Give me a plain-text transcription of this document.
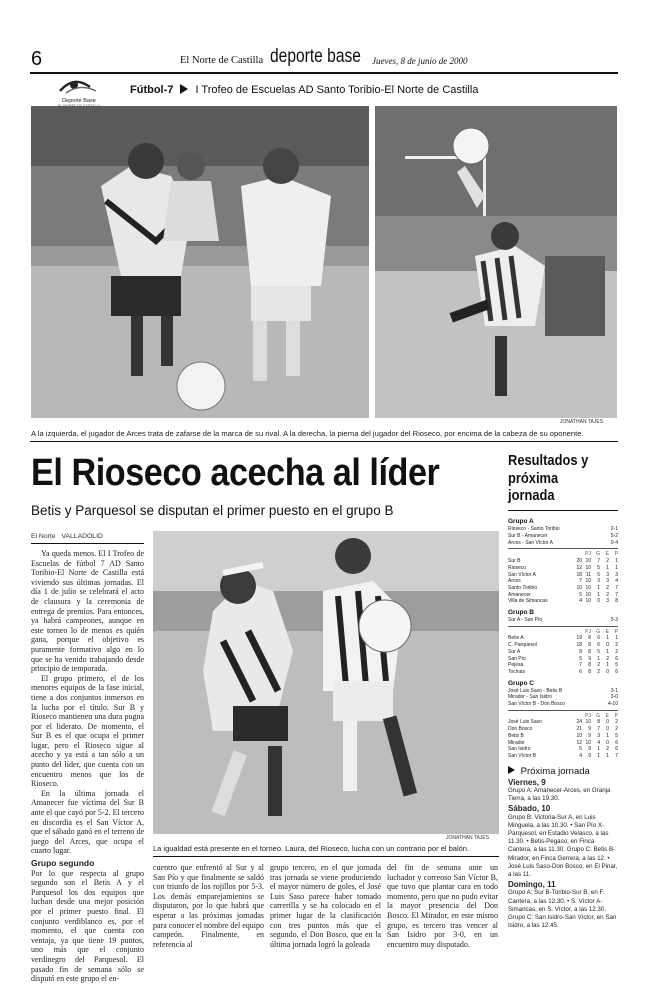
6	El Norte de Castilla deporte base Jueves, 8 de junio de 2000
Deporte Base
Fútbol-7 I Trofeo de Escuelas AD Santo Toribio-El Norte de Castilla
JONATHAN TAJES
A la izquierda, el jugador de Arces trata de zafarse de la marca de su rival. A la derecha, la pierna del jugador del Rioseco, por encima de la cabeza de su oponente.
El Rioseco acecha al líder
Betis y Parquesol se disputan el primer puesto en el grupo B
El Norte VALLADOLID

Ya queda menos. El I Trofeo de Escuelas de fútbol 7 AD Santo Toribio-El Norte de Castilla está viviendo sus últimas jornadas. El día 1 de julio se celebrará el acto de clausura y la ceremonia de entrega de premios. Para entonces, ya habrá campeones, aunque en este torneo lo de menos es quién gana, porque el objetivo es puramente formativo algo en lo que se ha venido trabajando desde principio de temporada.

El grupo primero, el de los menores equipos de la fase inicial, tiene a dos conjuntos inmersos en la lucha por el título. Sur B y Rioseco mantienen una dura pugna por el liderato. De momento, el Sur B es el que ocupa el primer lugar, pero el Rioseco sigue al acecho y ya está a tan sólo a un punto del líder, que cuenta con un encuentro menos que los de Rioseco.

En la última jornada el Amanecer fue víctima del Sur B ante el que cayó por 5-2. El tercero en discordia es el San Víctor A, que el sábado ganó en el terreno de juego del Arces, que ocupa el cuarto lugar.

Grupo segundo

Por lo que respecta al grupo segundo son el Betis A y el Parquesol los dos equipos que luchan desde una mejor posición por el primer puesto final. El conjunto verdiblanco es, por el momento, el que cuenta con ventaja, ya que tiene 19 puntos, uno más que el conjunto verdinegro del Parquesol. El pasado fin de semana sólo se disputó en este grupo el en-

JONATHAN TAJES
La igualdad está presente en el torneo. Laura, del Rioseco, lucha con un contrario por el balón.
cuentro que enfrentó al Sur y al San Pío y que finalmente se saldó con triunfo de los rojillos por 5-3. Los demás emparejamientos se disputaron, por lo que habrá que esperar a las próximas jornadas para conocer el nombre del equipo campeón. Finalmente, en referencia al
grupo tercero, en el que jornada tras jornada se viene produciendo el mayor número de goles, el José Luis Saso parece haber tomado carrerilla y se ha colocado en el primer lugar de la clasificación con tres puntos más que el segundo, el Don Bosco, que en la última jornada logró la goleada
del fin de semana ante un luchador y correoso San Víctor B, que tuvo que plantar cara en todo momento, pero que no pudo evitar la mayor presencia del Don Bosco. El Mirador, en este mismo grupo, es tercero tras vencer al San Isidro por 3-0, en un encuentro muy disputado.
Resultados y
próxima
jornada
Grupo A
Rioseco - Santo Toribio	2-1
Sur B - Amanecer	5-2
Arces - San Víctor A	0-4
		PJ	G	E	P
Sur B	20	10	7	2	1
Rioseco	12	10	5	1	1
San Víctor A	18	11	5	3	3
Arces	7	10	3	3	4
Santo Toribio	10	10	1	2	7
Amanecer	5	10	1	2	7
Villa de Simancas	4	10	0	3	8
Grupo B
Sur A - San Pío	5-3
		PJ	G	E	P
Betis A	19	8	6	1	1
C. Parquesol	18	8	6	0	2
Sur A	8	8	5	1	2
San Pío	5	9	1	2	6
Pejesa	7	8	2	1	5
Tocinas	6	8	2	0	6
Grupo C
José Luis Saso - Betis B	3-1
Mirador - San Isidro	3-0
San Víctor B - Don Bosco	4-10
		PJ	G	E	P
José Luis Saso	24	10	8	0	2
Don Bosco	21	9	7	0	2
Betis B	10	9	3	1	5
Mirador	12	10	4	0	6
San Isidro	5	9	1	2	6
San Víctor B	4	9	1	1	7
Próxima jornada
Viernes, 9
Grupo A: Amanecer-Arces, en Granja Tierra, a las 19.30.
Sábado, 10
Grupo B: Victoria-Sur A, en Luis Minguela, a las 10.30. • San Pío X-Parquesol, en Estadio Velasco, a las 11.30. • Betis-Pegaso, en Finca Cantera, a las 11.30. Grupo C: Betis B-Mirador, en Finca Gerrera, a las 12. • José Luis Saso-Don Bosco, en El Pinar, a las 11.
Domingo, 11
Grupo A: Sur B-Toribio-Sur B, en F. Cantera, a las 12.30. • S. Víctor A-Simancas, en S. Víctor, a las 12.30. Grupo C: San Isidro-San Víctor, en San Isidro, a las 12.45.
